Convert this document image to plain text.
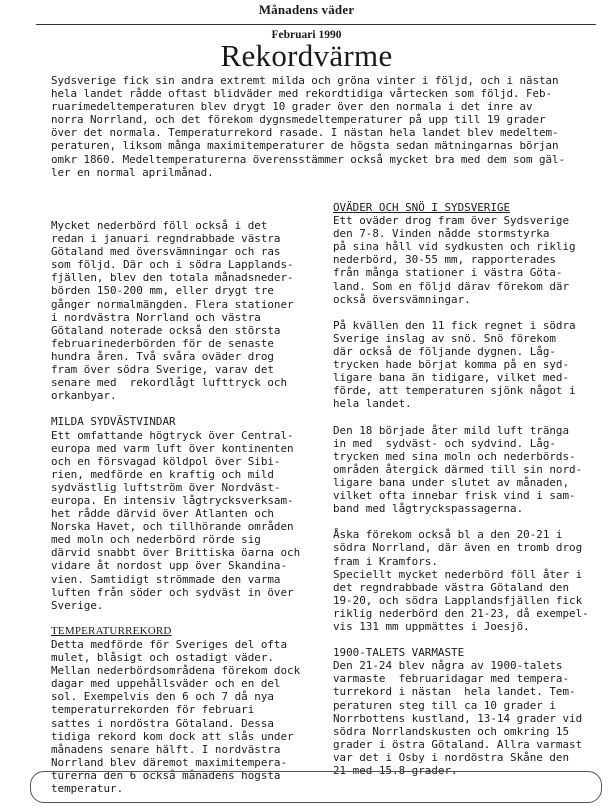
Månadens väder
Februari 1990
Rekordvärme
Sydsverige fick sin andra extremt milda och gröna vinter i följd, och i nästan
hela landet rådde oftast blidväder med rekordtidiga vårtecken som följd. Feb-
ruarimedeltemperaturen blev drygt 10 grader över den normala i det inre av
norra Norrland, och det förekom dygnsmedeltemperaturer på upp till 19 grader
över det normala. Temperaturrekord rasade. I nästan hela landet blev medeltem-
peraturen, liksom många maximitemperaturer de högsta sedan mätningarnas början
omkr 1860. Medeltemperaturerna överensstämmer också mycket bra med dem som gäl-
ler en normal aprilmånad.
Mycket nederbörd föll också i det
redan i januari regndrabbade västra
Götaland med översvämningar och ras
som följd. Där och i södra Lapplands-
fjällen, blev den totala månadsneder-
börden 150-200 mm, eller drygt tre
gånger normalmängden. Flera stationer
i nordvästra Norrland och västra
Götaland noterade också den största
februarinederbörden för de senaste
hundra åren. Två svåra oväder drog
fram över södra Sverige, varav det
senare med  rekordlågt lufttryck och
orkanbyar.
MILDA SYDVÄSTVINDAR
Ett omfattande högtryck över Central-
europa med varm luft över kontinenten
och en försvagad köldpol över Sibi-
rien, medförde en kraftig och mild
sydvästlig luftström över Nordväst-
europa. En intensiv lågtrycksverksam-
het rådde därvid över Atlanten och
Norska Havet, och tillhörande områden
med moln och nederbörd rörde sig
därvid snabbt över Brittiska öarna och
vidare åt nordost upp över Skandina-
vien. Samtidigt strömmade den varma
luften från söder och sydväst in över
Sverige.
TEMPERATURREKORD
Detta medförde för Sveriges del ofta
mulet, blåsigt och ostadigt väder.
Mellan nederbördsområdena förekom dock
dagar med uppehållsväder och en del
sol. Exempelvis den 6 och 7 då nya
temperaturrekorden för februari
sattes i nordöstra Götaland. Dessa
tidiga rekord kom dock att slås under
månadens senare hälft. I nordvästra
Norrland blev däremot maximitempera-
turerna den 6 också månadens högsta
temperatur.
OVÄDER OCH SNÖ I SYDSVERIGE
Ett oväder drog fram över Sydsverige
den 7-8. Vinden nådde stormstyrka
på sina håll vid sydkusten och riklig
nederbörd, 30-55 mm, rapporterades
från många stationer i västra Göta-
land. Som en följd därav förekom där
också översvämningar.
På kvällen den 11 fick regnet i södra
Sverige inslag av snö. Snö förekom
där också de följande dygnen. Låg-
trycken hade börjat komma på en syd-
ligare bana än tidigare, vilket med-
förde, att temperaturen sjönk något i
hela landet.
Den 18 började åter mild luft tränga
in med  sydväst- och sydvind. Låg-
trycken med sina moln och nederbörds-
områden återgick därmed till sin nord-
ligare bana under slutet av månaden,
vilket ofta innebar frisk vind i sam-
band med lågtryckspassagerna.
Åska förekom också bl a den 20-21 i
södra Norrland, där även en tromb drog
fram i Kramfors.
Speciellt mycket nederbörd föll åter i
det regndrabbade västra Götaland den
19-20, och södra Lapplandsfjällen fick
riklig nederbörd den 21-23, då exempel-
vis 131 mm uppmättes i Joesjö.
1900-TALETS VARMASTE
Den 21-24 blev några av 1900-talets
varmaste  februaridagar med tempera-
turrekord i nästan  hela landet. Tem-
peraturen steg till ca 10 grader i
Norrbottens kustland, 13-14 grader vid
södra Norrlandskusten och omkring 15
grader i östra Götaland. Allra varmast
var det i Osby i nordöstra Skåne den
21 med 15.8 grader.
